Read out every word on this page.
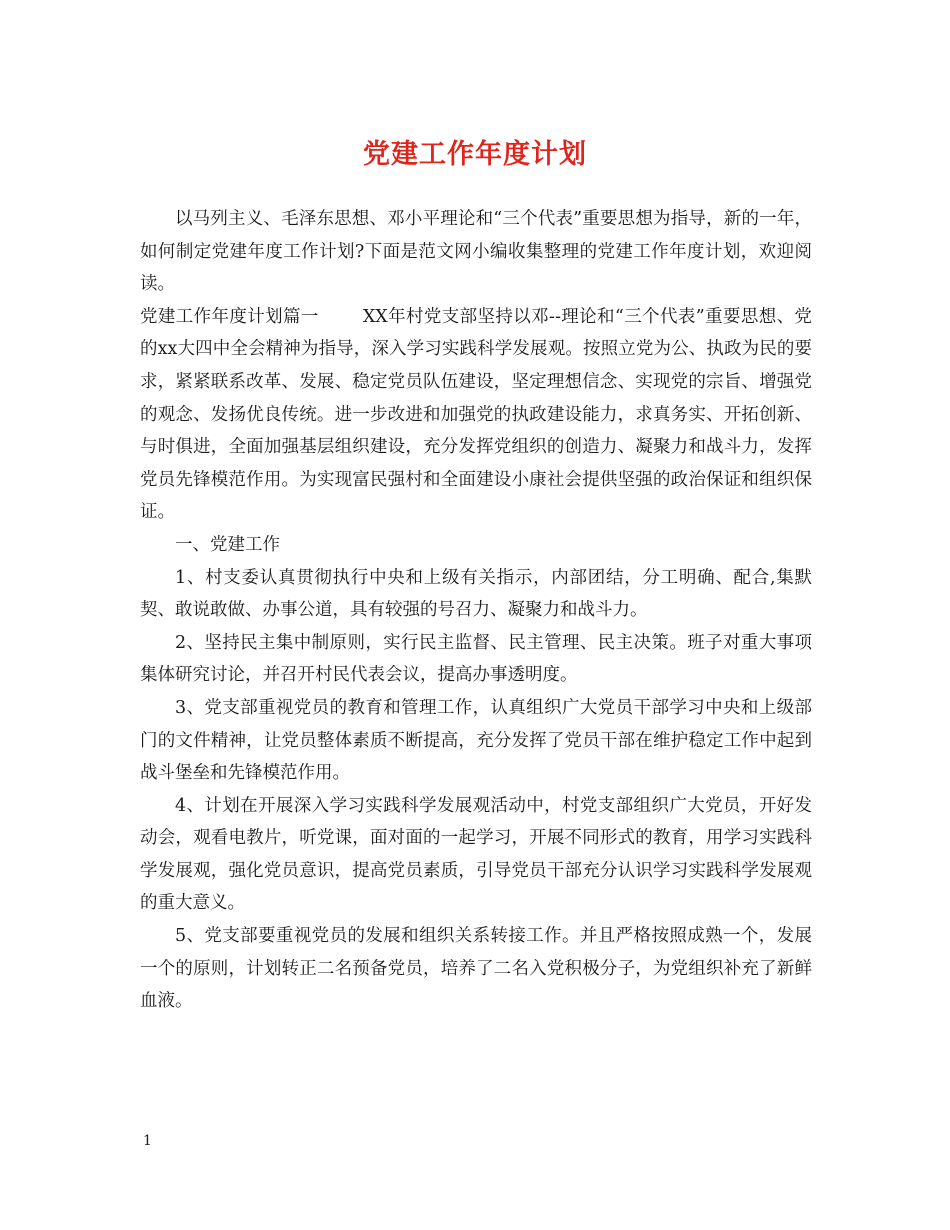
党建工作年度计划

以马列主义、毛泽东思想、邓小平理论和“三个代表”重要思想为指导，新的一年，如何制定党建年度工作计划?下面是范文网小编收集整理的党建工作年度计划，欢迎阅读。

党建工作年度计划篇一	XX年村党支部坚持以邓--理论和“三个代表”重要思想、党的xx大四中全会精神为指导，深入学习实践科学发展观。按照立党为公、执政为民的要求，紧紧联系改革、发展、稳定党员队伍建设，坚定理想信念、实现党的宗旨、增强党的观念、发扬优良传统。进一步改进和加强党的执政建设能力，求真务实、开拓创新、与时俱进，全面加强基层组织建设，充分发挥党组织的创造力、凝聚力和战斗力，发挥党员先锋模范作用。为实现富民强村和全面建设小康社会提供坚强的政治保证和组织保证。

一、党建工作

1、村支委认真贯彻执行中央和上级有关指示，内部团结，分工明确、配合,集默契、敢说敢做、办事公道，具有较强的号召力、凝聚力和战斗力。

2、坚持民主集中制原则，实行民主监督、民主管理、民主决策。班子对重大事项集体研究讨论，并召开村民代表会议，提高办事透明度。

3、党支部重视党员的教育和管理工作，认真组织广大党员干部学习中央和上级部门的文件精神，让党员整体素质不断提高，充分发挥了党员干部在维护稳定工作中起到战斗堡垒和先锋模范作用。

4、计划在开展深入学习实践科学发展观活动中，村党支部组织广大党员，开好发动会，观看电教片，听党课，面对面的一起学习，开展不同形式的教育，用学习实践科学发展观，强化党员意识，提高党员素质，引导党员干部充分认识学习实践科学发展观的重大意义。

5、党支部要重视党员的发展和组织关系转接工作。并且严格按照成熟一个，发展一个的原则，计划转正二名预备党员，培养了二名入党积极分子，为党组织补充了新鲜血液。

1
